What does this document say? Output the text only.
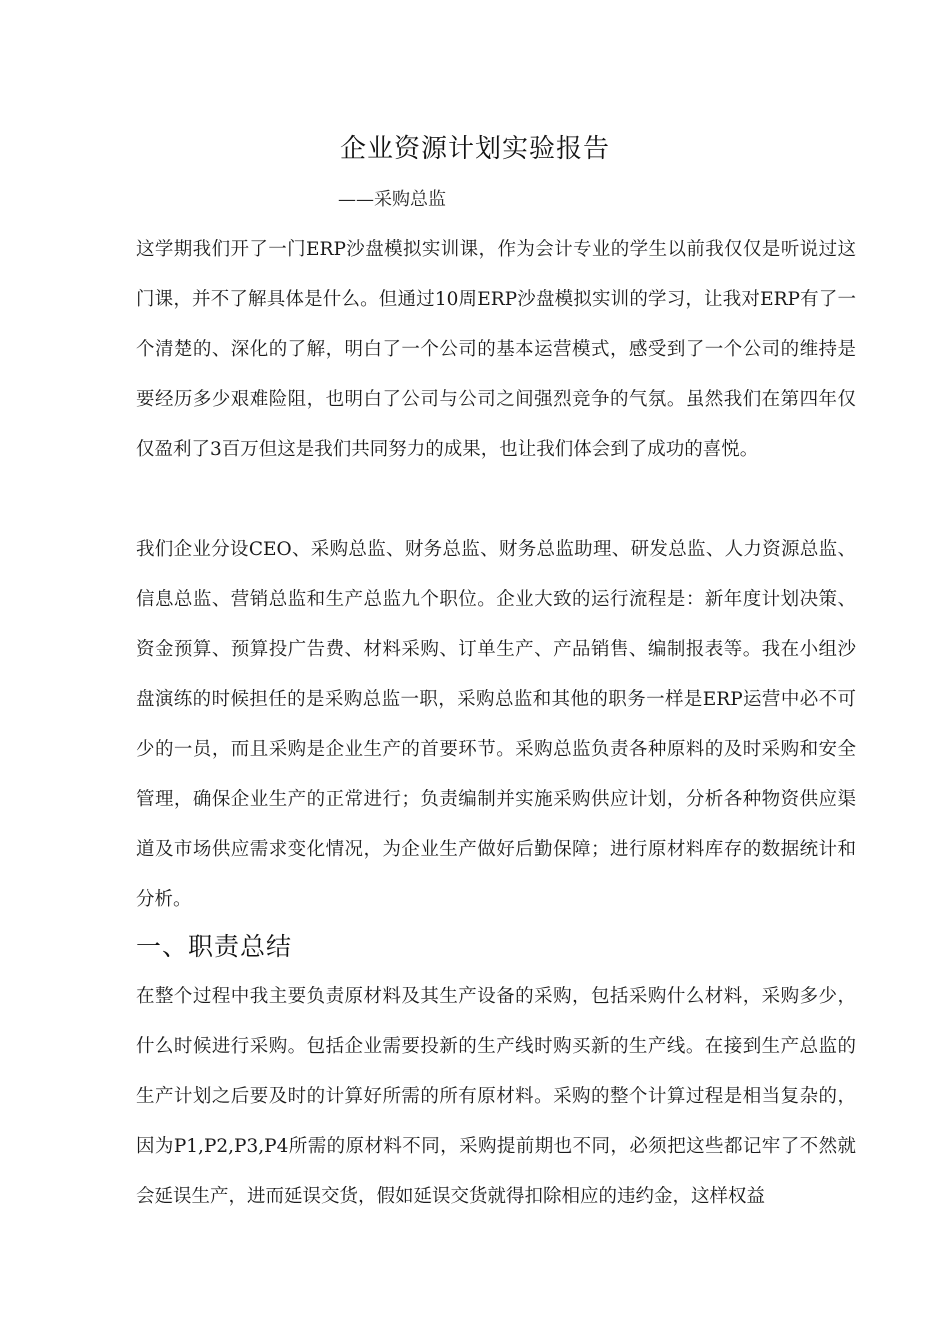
企业资源计划实验报告
——采购总监

这学期我们开了一门ERP沙盘模拟实训课，作为会计专业的学生以前我仅仅是听说过这门课，并不了解具体是什么。但通过10周ERP沙盘模拟实训的学习，让我对ERP有了一个清楚的、深化的了解，明白了一个公司的基本运营模式，感受到了一个公司的维持是要经历多少艰难险阻，也明白了公司与公司之间强烈竞争的气氛。虽然我们在第四年仅仅盈利了3百万但这是我们共同努力的成果，也让我们体会到了成功的喜悦。

我们企业分设CEO、采购总监、财务总监、财务总监助理、研发总监、人力资源总监、信息总监、营销总监和生产总监九个职位。企业大致的运行流程是：新年度计划决策、资金预算、预算投广告费、材料采购、订单生产、产品销售、编制报表等。我在小组沙盘演练的时候担任的是采购总监一职，采购总监和其他的职务一样是ERP运营中必不可少的一员，而且采购是企业生产的首要环节。采购总监负责各种原料的及时采购和安全管理，确保企业生产的正常进行；负责编制并实施采购供应计划，分析各种物资供应渠道及市场供应需求变化情况，为企业生产做好后勤保障；进行原材料库存的数据统计和分析。

一、职责总结

在整个过程中我主要负责原材料及其生产设备的采购，包括采购什么材料，采购多少，什么时候进行采购。包括企业需要投新的生产线时购买新的生产线。在接到生产总监的生产计划之后要及时的计算好所需的所有原材料。采购的整个计算过程是相当复杂的，因为P1,P2,P3,P4所需的原材料不同，采购提前期也不同，必须把这些都记牢了不然就会延误生产，进而延误交货，假如延误交货就得扣除相应的违约金，这样权益
